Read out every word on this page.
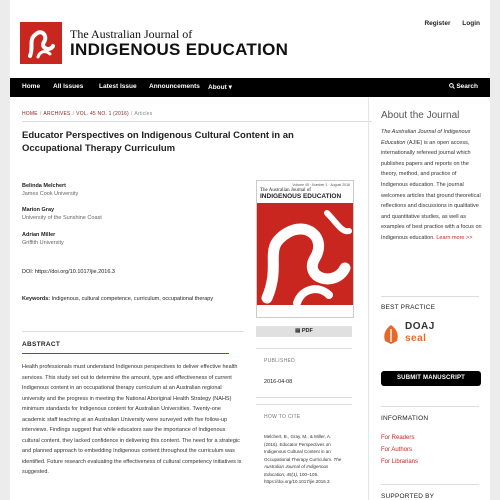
The Australian Journal of
INDIGENOUS EDUCATION
Register Login
Home All Issues Latest Issue Announcements About ▾	Search
HOME / ARCHIVES / VOL. 45 NO. 1 (2016) / Articles
Educator Perspectives on Indigenous Cultural Content in an Occupational Therapy Curriculum
Belinda Melchert
James Cook University
Marion Gray
University of the Sunshine Coast
Adrian Miller
Griffith University
DOI: https://doi.org/10.1017/jie.2016.3
Keywords: Indigenous, cultural competence, curriculum, occupational therapy
ABSTRACT
Health professionals must understand Indigenous perspectives to deliver effective health services. This study set out to determine the amount, type and effectiveness of current Indigenous content in an occupational therapy curriculum at an Australian regional university and the progress in meeting the National Aboriginal Health Strategy (NAHS) minimum standards for Indigenous content for Australian Universities. Twenty-one academic staff teaching at an Australian University were surveyed with five follow-up interviews. Findings suggest that while educators saw the importance of Indigenous cultural content, they lacked confidence in delivering this content. The need for a strategic and planned approach to embedding Indigenous content throughout the curriculum was identified. Future research evaluating the effectiveness of cultural competency initiatives is suggested.
Volume 45 · Number 1 · August 2016
The Australian Journal of
INDIGENOUS EDUCATION
▤ PDF
PUBLISHED
2016-04-08
HOW TO CITE
Melchert, B., Gray, M., & Miller, A. (2016). Educator Perspectives on Indigenous Cultural Content in an Occupational Therapy Curriculum. The Australian Journal of Indigenous Education, 45(1), 100–105. https://doi.org/10.1017/jie.2016.3
About the Journal
The Australian Journal of Indigenous Education (AJIE) is an open access, internationally refereed journal which publishes papers and reports on the theory, method, and practice of Indigenous education. The journal welcomes articles that ground theoretical reflections and discussions in qualitative and quantitative studies, as well as examples of best practice with a focus on Indigenous education. Learn more >>
BEST PRACTICE
DOAJ
seal
SUBMIT MANUSCRIPT
INFORMATION
For Readers
For Authors
For Librarians
SUPPORTED BY
